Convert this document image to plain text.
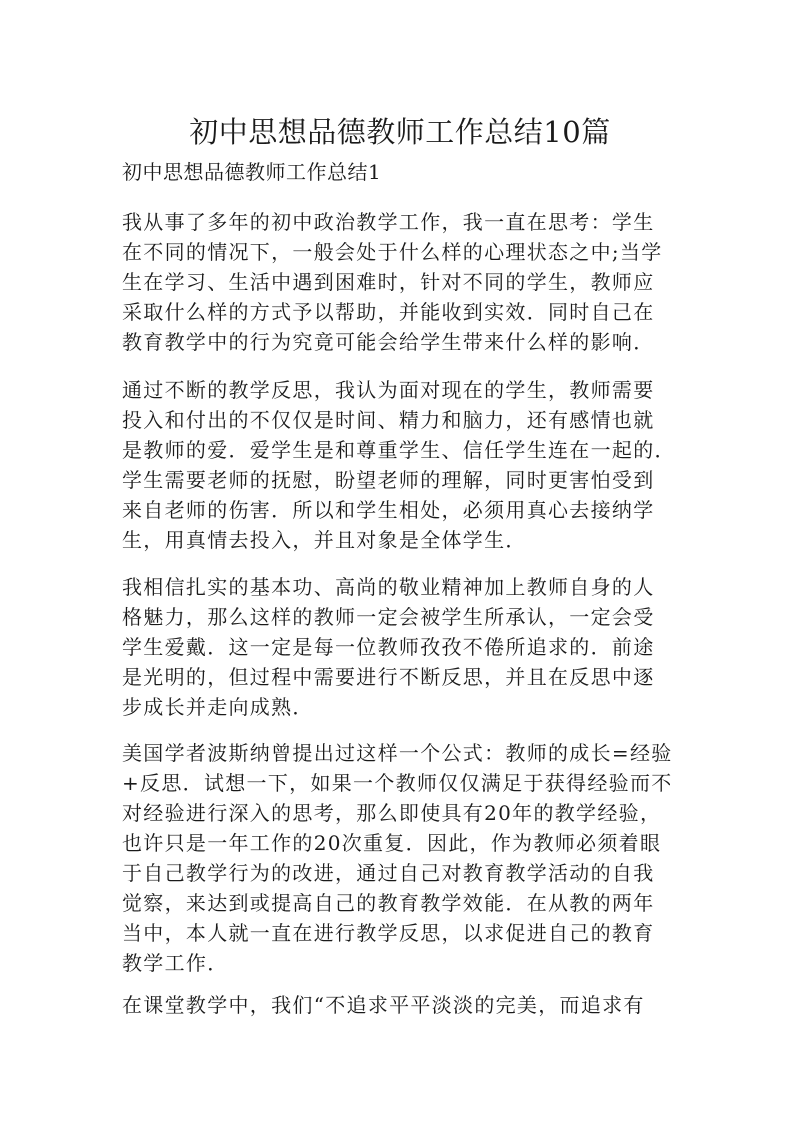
初中思想品德教师工作总结10篇

初中思想品德教师工作总结1

我从事了多年的初中政治教学工作，我一直在思考：学生
在不同的情况下，一般会处于什么样的心理状态之中;当学
生在学习、生活中遇到困难时，针对不同的学生，教师应
采取什么样的方式予以帮助，并能收到实效．同时自己在
教育教学中的行为究竟可能会给学生带来什么样的影响．

通过不断的教学反思，我认为面对现在的学生，教师需要
投入和付出的不仅仅是时间、精力和脑力，还有感情也就
是教师的爱．爱学生是和尊重学生、信任学生连在一起的．
学生需要老师的抚慰，盼望老师的理解，同时更害怕受到
来自老师的伤害．所以和学生相处，必须用真心去接纳学
生，用真情去投入，并且对象是全体学生．

我相信扎实的基本功、高尚的敬业精神加上教师自身的人
格魅力，那么这样的教师一定会被学生所承认，一定会受
学生爱戴．这一定是每一位教师孜孜不倦所追求的．前途
是光明的，但过程中需要进行不断反思，并且在反思中逐
步成长并走向成熟．

美国学者波斯纳曾提出过这样一个公式：教师的成长=经验
+反思．试想一下，如果一个教师仅仅满足于获得经验而不
对经验进行深入的思考，那么即使具有20年的教学经验，
也许只是一年工作的20次重复．因此，作为教师必须着眼
于自己教学行为的改进，通过自己对教育教学活动的自我
觉察，来达到或提高自己的教育教学效能．在从教的两年
当中，本人就一直在进行教学反思，以求促进自己的教育
教学工作．

在课堂教学中，我们“不追求平平淡淡的完美，而追求有
